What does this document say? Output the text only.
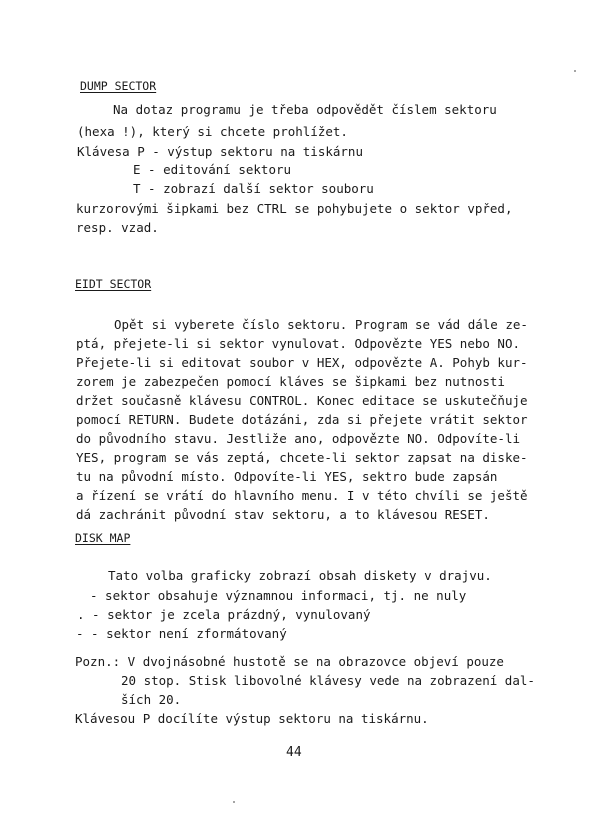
DUMP SECTOR
Na dotaz programu je třeba odpovědět číslem sektoru
(hexa !), který si chcete prohlížet.
Klávesa P - výstup sektoru na tiskárnu
E - editování sektoru
T - zobrazí další sektor souboru
kurzorovými šipkami bez CTRL se pohybujete o sektor vpřed,
resp. vzad.
EIDT SECTOR
Opět si vyberete číslo sektoru. Program se vád dále ze-
ptá, přejete-li si sektor vynulovat. Odpovězte YES nebo NO.
Přejete-li si editovat soubor v HEX, odpovězte A. Pohyb kur-
zorem je zabezpečen pomocí kláves se šipkami bez nutnosti
držet současně klávesu CONTROL. Konec editace se uskutečňuje
pomocí RETURN. Budete dotázáni, zda si přejete vrátit sektor
do původního stavu. Jestliže ano, odpovězte NO. Odpovíte-li
YES, program se vás zeptá, chcete-li sektor zapsat na diske-
tu na původní místo. Odpovíte-li YES, sektro bude zapsán
a řízení se vrátí do hlavního menu. I v této chvíli se ještě
dá zachránit původní stav sektoru, a to klávesou RESET.
DISK MAP
Tato volba graficky zobrazí obsah diskety v drajvu.
- sektor obsahuje významnou informaci, tj. ne nuly
. - sektor je zcela prázdný, vynulovaný
- - sektor není zformátovaný
Pozn.: V dvojnásobné hustotě se na obrazovce objeví pouze
20 stop. Stisk libovolné klávesy vede na zobrazení dal-
ších 20.
Klávesou P docílíte výstup sektoru na tiskárnu.
44
